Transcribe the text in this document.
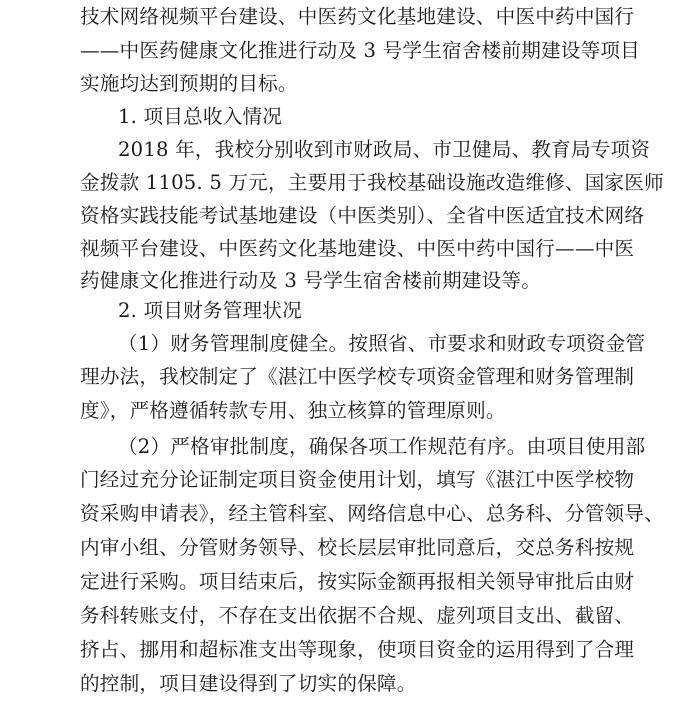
技术网络视频平台建设、中医药文化基地建设、中医中药中国行
——中医药健康文化推进行动及 3 号学生宿舍楼前期建设等项目
实施均达到预期的目标。
1. 项目总收入情况
2018 年，我校分别收到市财政局、市卫健局、教育局专项资
金拨款 1105. 5 万元，主要用于我校基础设施改造维修、国家医师
资格实践技能考试基地建设（中医类别）、全省中医适宜技术网络
视频平台建设、中医药文化基地建设、中医中药中国行——中医
药健康文化推进行动及 3 号学生宿舍楼前期建设等。
2. 项目财务管理状况
（1）财务管理制度健全。按照省、市要求和财政专项资金管
理办法，我校制定了《湛江中医学校专项资金管理和财务管理制
度》，严格遵循转款专用、独立核算的管理原则。
（2）严格审批制度，确保各项工作规范有序。由项目使用部
门经过充分论证制定项目资金使用计划，填写《湛江中医学校物
资采购申请表》，经主管科室、网络信息中心、总务科、分管领导、
内审小组、分管财务领导、校长层层审批同意后，交总务科按规
定进行采购。项目结束后，按实际金额再报相关领导审批后由财
务科转账支付，不存在支出依据不合规、虚列项目支出、截留、
挤占、挪用和超标准支出等现象，使项目资金的运用得到了合理
的控制，项目建设得到了切实的保障。
